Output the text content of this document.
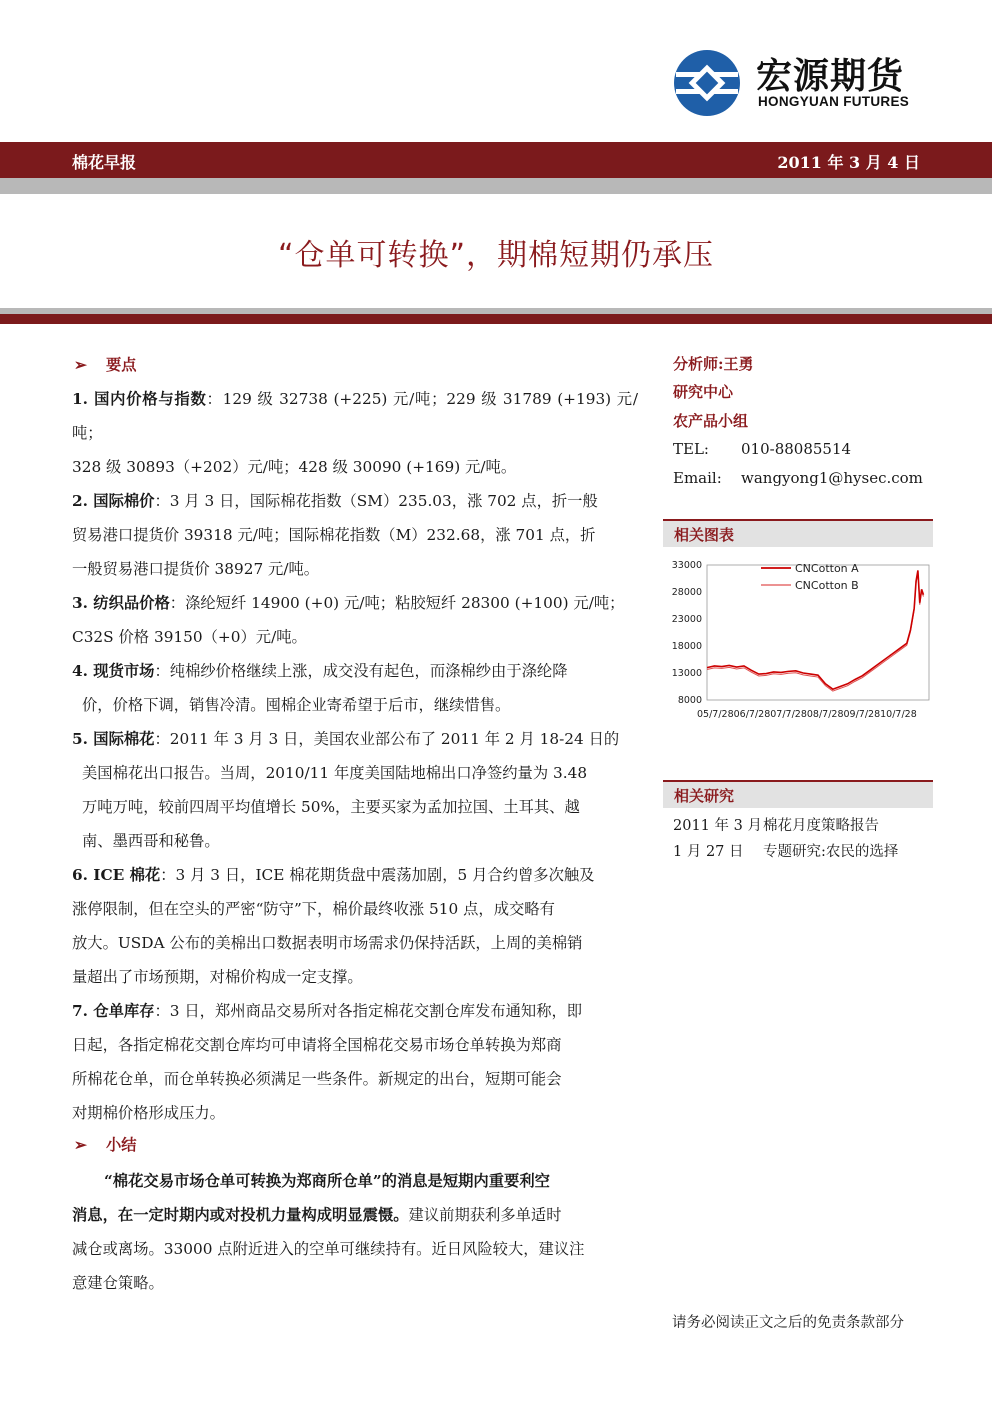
宏源期货
HONGYUAN FUTURES
棉花早报	2011 年 3 月 4 日
“仓单可转换”，期棉短期仍承压
➢ 要点
1. 国内价格与指数：129 级 32738 (+225) 元/吨；229 级 31789 (+193) 元/吨；
328 级 30893（+202）元/吨；428 级 30090 (+169) 元/吨。
2. 国际棉价：3 月 3 日，国际棉花指数（SM）235.03，涨 702 点，折一般
贸易港口提货价 39318 元/吨；国际棉花指数（M）232.68，涨 701 点，折
一般贸易港口提货价 38927 元/吨。
3. 纺织品价格：涤纶短纤 14900 (+0) 元/吨；粘胶短纤 28300 (+100) 元/吨；
C32S 价格 39150（+0）元/吨。
4. 现货市场：纯棉纱价格继续上涨，成交没有起色，而涤棉纱由于涤纶降
价，价格下调，销售冷清。囤棉企业寄希望于后市，继续惜售。
5. 国际棉花：2011 年 3 月 3 日，美国农业部公布了 2011 年 2 月 18-24 日的
美国棉花出口报告。当周，2010/11 年度美国陆地棉出口净签约量为 3.48
万吨万吨，较前四周平均值增长 50%，主要买家为孟加拉国、土耳其、越
南、墨西哥和秘鲁。
6. ICE 棉花：3 月 3 日，ICE 棉花期货盘中震荡加剧，5 月合约曾多次触及
涨停限制，但在空头的严密“防守”下，棉价最终收涨 510 点，成交略有
放大。USDA 公布的美棉出口数据表明市场需求仍保持活跃，上周的美棉销
量超出了市场预期，对棉价构成一定支撑。
7. 仓单库存：3 日，郑州商品交易所对各指定棉花交割仓库发布通知称，即
日起，各指定棉花交割仓库均可申请将全国棉花交易市场仓单转换为郑商
所棉花仓单，而仓单转换必须满足一些条件。新规定的出台，短期可能会
对期棉价格形成压力。
➢ 小结
“棉花交易市场仓单可转换为郑商所仓单”的消息是短期内重要利空
消息，在一定时期内或对投机力量构成明显震慑。建议前期获利多单适时
减仓或离场。33000 点附近进入的空单可继续持有。近日风险较大，建议注
意建仓策略。
分析师:王勇
研究中心
农产品小组
TEL: 010-88085514
Email: wangyong1@hysec.com
相关图表
8000
13000
18000
23000
28000
33000	CNCotton A
CNCotton B
05/7/2806/7/2807/7/2808/7/2809/7/2810/7/28
相关研究
2011 年 3 月棉花月度策略报告
1 月 27 日 专题研究:农民的选择
请务必阅读正文之后的免责条款部分
